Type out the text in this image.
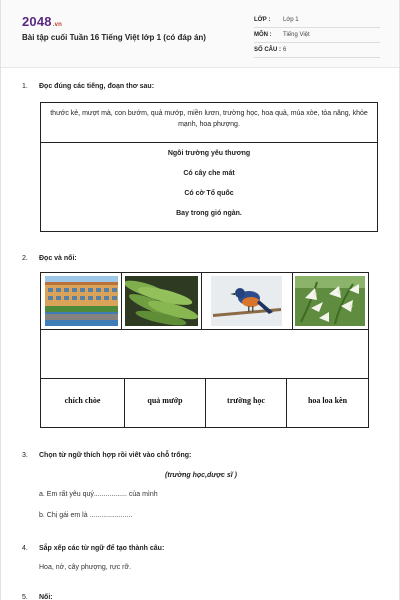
2048.vn
Bài tập cuối Tuần 16 Tiếng Việt lớp 1 (có đáp án)
LỚP : Lớp 1
MÔN : Tiếng Việt
SỐ CÂU : 6
1. Đọc đúng các tiếng, đoạn thơ sau:

thước kẻ, mượt mà, con bướm, quả mướp, miền lươn, trường học, hoa quả, múa xòe, tỏa năng, khỏe mạnh, hoa phượng.

Ngôi trường yêu thương
Có cây che mát
Có cờ Tổ quốc
Bay trong gió ngàn.
2. Đọc và nối:
chích chòe	quả mướp	trường học	hoa loa kèn
3. Chọn từ ngữ thích hợp rồi viết vào chỗ trống:
(trường học,dược sĩ )
a. Em rất yêu quý................. của mình
b. Chị gái em là ......................
4. Sắp xếp các từ ngữ để tạo thành câu:
Hoa, nở, cây phượng, rực rỡ.
5. Nối:
